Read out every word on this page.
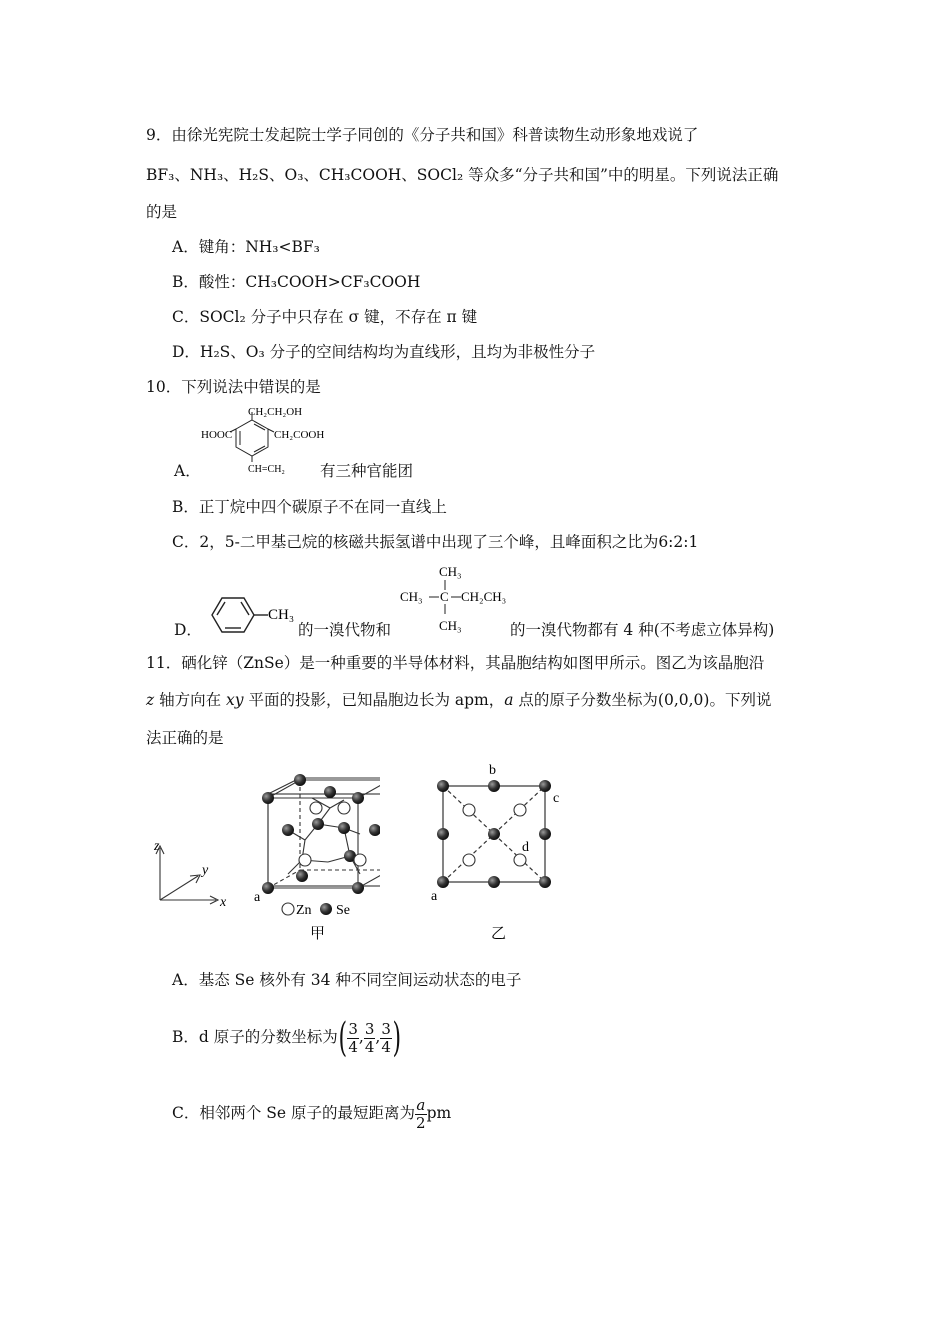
9．由徐光宪院士发起院士学子同创的《分子共和国》科普读物生动形象地戏说了
BF₃、NH₃、H₂S、O₃、CH₃COOH、SOCl₂ 等众多“分子共和国”中的明星。下列说法正确
的是
A．键角：NH₃<BF₃
B．酸性：CH₃COOH>CF₃COOH
C．SOCl₂ 分子中只存在 σ 键，不存在 π 键
D．H₂S、O₃ 分子的空间结构均为直线形，且均为非极性分子
10．下列说法中错误的是
CH₂CH₂OH
HOOC	CH₂COOH
CH=CH₂
A．	有三种官能团
B．正丁烷中四个碳原子不在同一直线上
C．2，5-二甲基己烷的核磁共振氢谱中出现了三个峰，且峰面积之比为6:2:1
CH₃
CH₃
CH₃ C CH₂CH₃
CH₃
D．	的一溴代物和	的一溴代物都有 4 种(不考虑立体异构)
11．硒化锌（ZnSe）是一种重要的半导体材料，其晶胞结构如图甲所示。图乙为该晶胞沿
z 轴方向在 xy 平面的投影，已知晶胞边长为 apm，a 点的原子分数坐标为(0,0,0)。下列说
法正确的是
z
y
x a
Zn Se
甲
b
c
d
a
乙
A．基态 Se 核外有 34 种不同空间运动状态的电子
B．d 原子的分数坐标为( $\frac{3}{4}$ , $\frac{3}{4}$ , $\frac{3}{4}$ )
C．相邻两个 Se 原子的最短距离为 $\frac{a}{2}$ pm
